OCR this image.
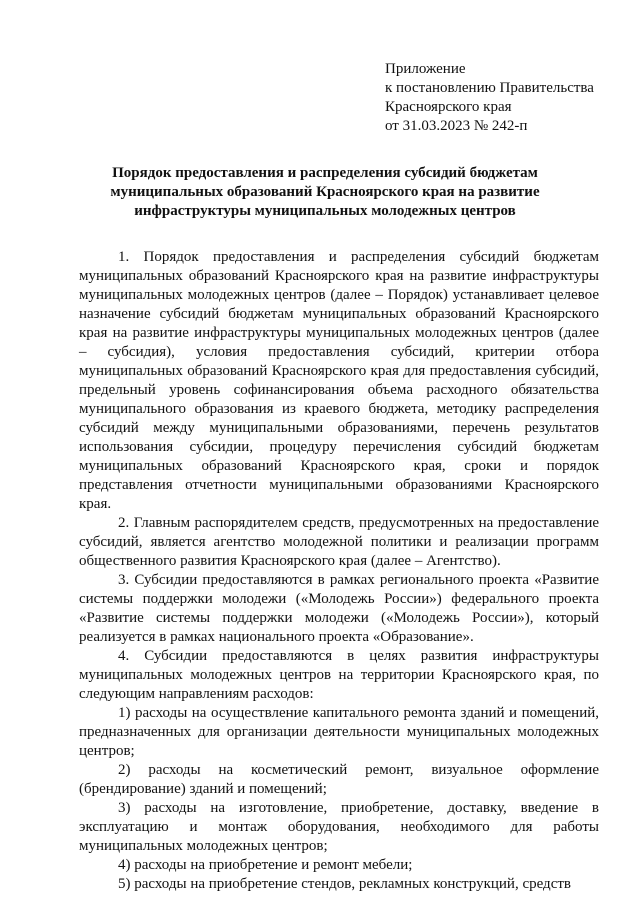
Приложение
к постановлению Правительства
Красноярского края
от 31.03.2023 № 242-п
Порядок предоставления и распределения субсидий бюджетам
муниципальных образований Красноярского края на развитие
инфраструктуры муниципальных молодежных центров

1. Порядок предоставления и распределения субсидий бюджетам муниципальных образований Красноярского края на развитие инфраструктуры муниципальных молодежных центров (далее – Порядок) устанавливает целевое назначение субсидий бюджетам муниципальных образований Красноярского края на развитие инфраструктуры муниципальных молодежных центров (далее – субсидия), условия предоставления субсидий, критерии отбора муниципальных образований Красноярского края для предоставления субсидий, предельный уровень софинансирования объема расходного обязательства муниципального образования из краевого бюджета, методику распределения субсидий между муниципальными образованиями, перечень результатов использования субсидии, процедуру перечисления субсидий бюджетам муниципальных образований Красноярского края, сроки и порядок представления отчетности муниципальными образованиями Красноярского края.

2. Главным распорядителем средств, предусмотренных на предоставление субсидий, является агентство молодежной политики и реализации программ общественного развития Красноярского края (далее – Агентство).

3. Субсидии предоставляются в рамках регионального проекта «Развитие системы поддержки молодежи («Молодежь России») федерального проекта «Развитие системы поддержки молодежи («Молодежь России»), который реализуется в рамках национального проекта «Образование».

4. Субсидии предоставляются в целях развития инфраструктуры муниципальных молодежных центров на территории Красноярского края, по следующим направлениям расходов:

1) расходы на осуществление капитального ремонта зданий и помещений, предназначенных для организации деятельности муниципальных молодежных центров;

2) расходы на косметический ремонт, визуальное оформление (брендирование) зданий и помещений;

3) расходы на изготовление, приобретение, доставку, введение в эксплуатацию и монтаж оборудования, необходимого для работы муниципальных молодежных центров;

4) расходы на приобретение и ремонт мебели;

5) расходы на приобретение стендов, рекламных конструкций, средств
